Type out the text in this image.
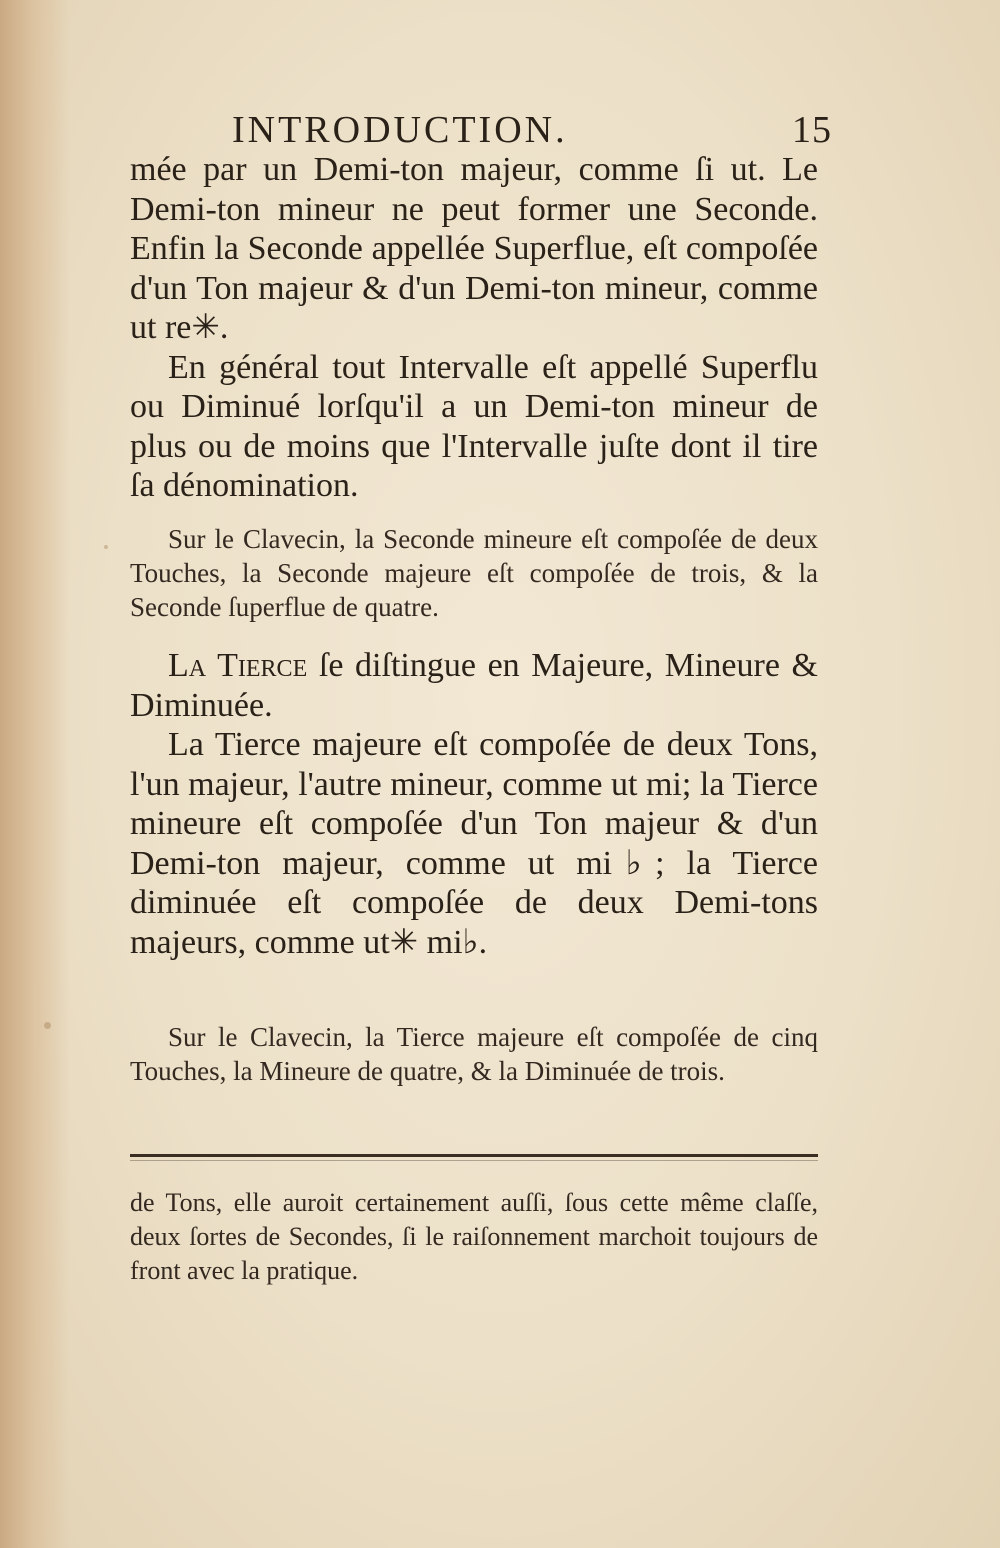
INTRODUCTION.	15

mée par un Demi-ton majeur, comme ſi ut. Le Demi-ton mineur ne peut former une Seconde. Enfin la Seconde appellée Superflue, eſt compoſée d'un Ton majeur & d'un Demi-ton mineur, comme ut re✳.

En général tout Intervalle eſt appellé Superflu ou Diminué lorſqu'il a un Demi-ton mineur de plus ou de moins que l'Intervalle juſte dont il tire ſa dénomination.

Sur le Clavecin, la Seconde mineure eſt compoſée de deux Touches, la Seconde majeure eſt compoſée de trois, & la Seconde ſuperflue de quatre.

La Tierce ſe diſtingue en Majeure, Mineure & Diminuée.

La Tierce majeure eſt compoſée de deux Tons, l'un majeur, l'autre mineur, comme ut mi; la Tierce mineure eſt compoſée d'un Ton majeur & d'un Demi-ton majeur, comme ut mi♭; la Tierce diminuée eſt compoſée de deux Demi-tons majeurs, comme ut✳ mi♭.

Sur le Clavecin, la Tierce majeure eſt compoſée de cinq Touches, la Mineure de quatre, & la Diminuée de trois.

de Tons, elle auroit certainement auſſi, ſous cette même claſſe, deux ſortes de Secondes, ſi le raiſonnement marchoit toujours de front avec la pratique.
